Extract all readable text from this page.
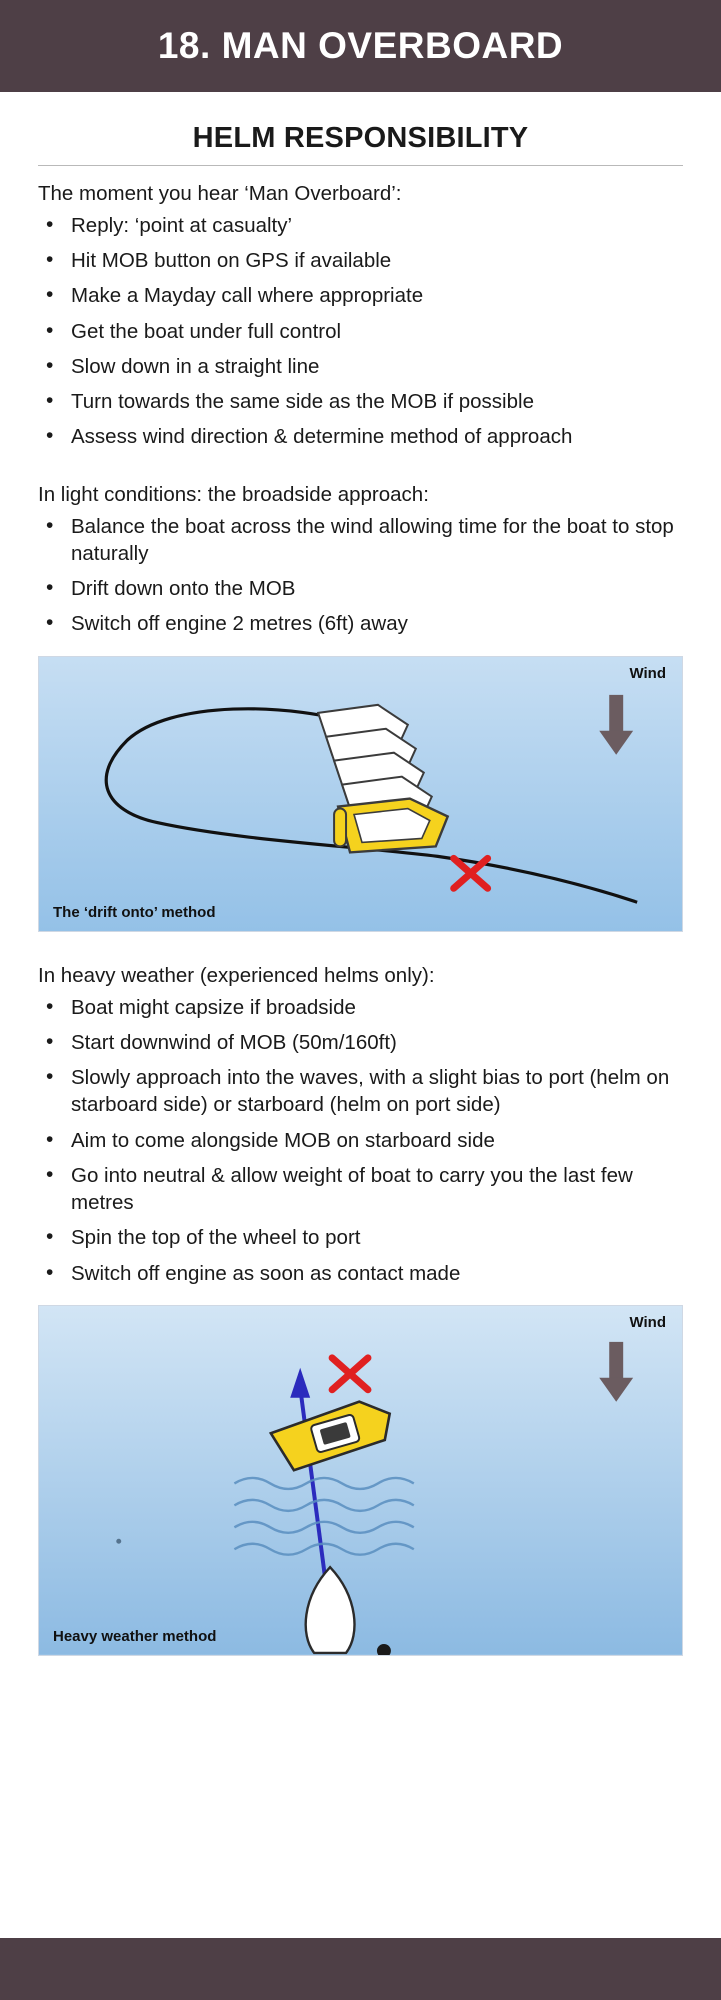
18. MAN OVERBOARD
HELM RESPONSIBILITY

The moment you hear ‘Man Overboard’:

• Reply: ‘point at casualty’
• Hit MOB button on GPS if available
• Make a Mayday call where appropriate
• Get the boat under full control
• Slow down in a straight line
• Turn towards the same side as the MOB if possible
• Assess wind direction & determine method of approach

In light conditions: the broadside approach:

• Balance the boat across the wind allowing time for the boat to stop naturally
• Drift down onto the MOB
• Switch off engine 2 metres (6ft) away
Wind
The ‘drift onto’ method

In heavy weather (experienced helms only):

• Boat might capsize if broadside
• Start downwind of MOB (50m/160ft)
• Slowly approach into the waves, with a slight bias to port (helm on starboard side) or starboard (helm on port side)
• Aim to come alongside MOB on starboard side
• Go into neutral & allow weight of boat to carry you the last few metres
• Spin the top of the wheel to port
• Switch off engine as soon as contact made
Wind
Heavy weather method
